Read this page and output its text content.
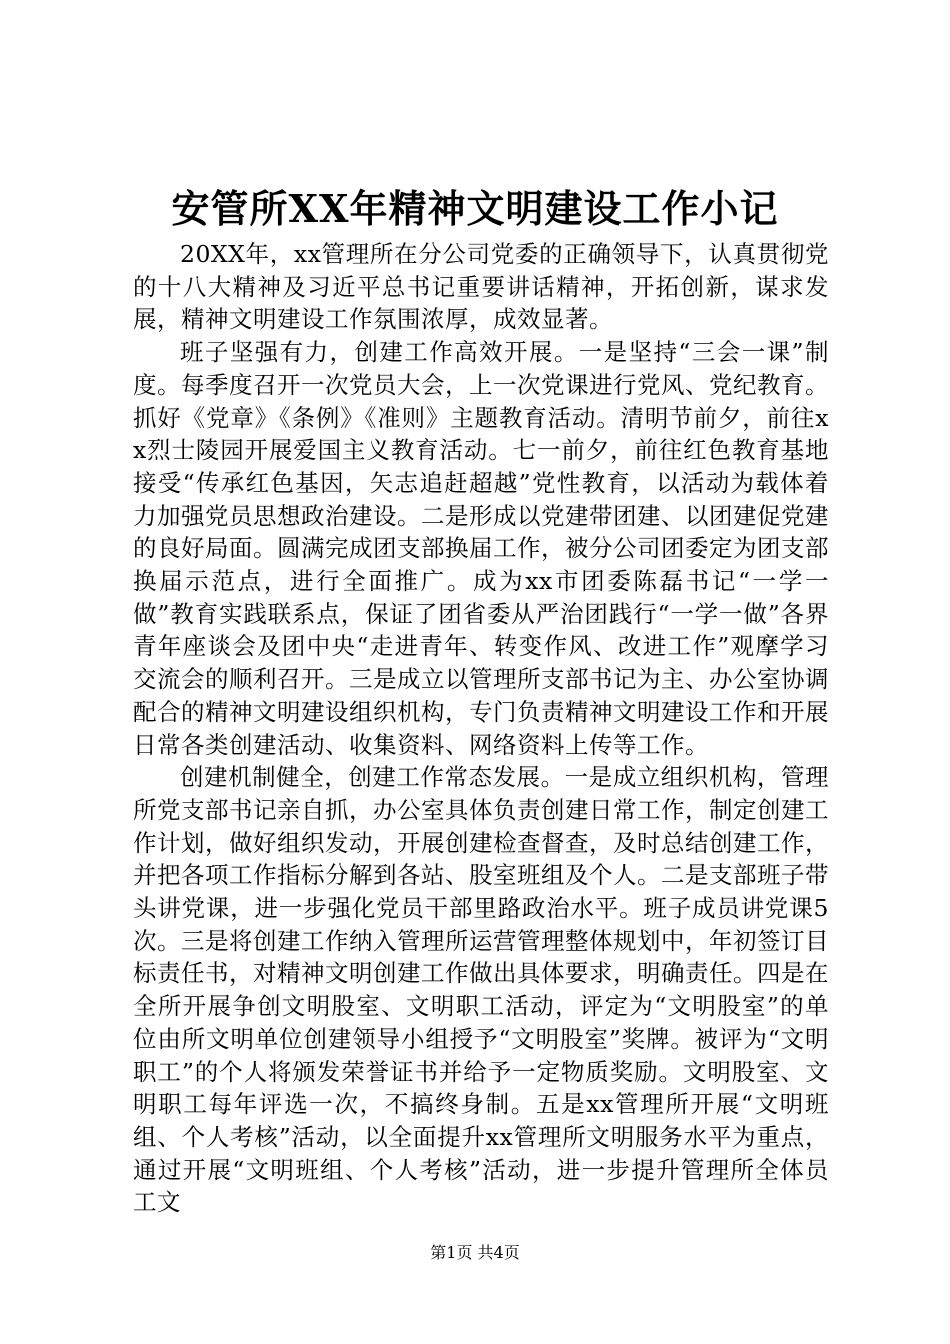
安管所XX年精神文明建设工作小记

20XX年，xx管理所在分公司党委的正确领导下，认真贯彻党的十八大精神及习近平总书记重要讲话精神，开拓创新，谋求发展，精神文明建设工作氛围浓厚，成效显著。

班子坚强有力，创建工作高效开展。一是坚持“三会一课”制度。每季度召开一次党员大会，上一次党课进行党风、党纪教育。抓好《党章》《条例》《准则》主题教育活动。清明节前夕，前往xx烈士陵园开展爱国主义教育活动。七一前夕，前往红色教育基地接受“传承红色基因，矢志追赶超越”党性教育，以活动为载体着力加强党员思想政治建设。二是形成以党建带团建、以团建促党建的良好局面。圆满完成团支部换届工作，被分公司团委定为团支部换届示范点，进行全面推广。成为xx市团委陈磊书记“一学一做”教育实践联系点，保证了团省委从严治团践行“一学一做”各界青年座谈会及团中央“走进青年、转变作风、改进工作”观摩学习交流会的顺利召开。三是成立以管理所支部书记为主、办公室协调配合的精神文明建设组织机构，专门负责精神文明建设工作和开展日常各类创建活动、收集资料、网络资料上传等工作。

创建机制健全，创建工作常态发展。一是成立组织机构，管理所党支部书记亲自抓，办公室具体负责创建日常工作，制定创建工作计划，做好组织发动，开展创建检查督查，及时总结创建工作，并把各项工作指标分解到各站、股室班组及个人。二是支部班子带头讲党课，进一步强化党员干部里路政治水平。班子成员讲党课5次。三是将创建工作纳入管理所运营管理整体规划中，年初签订目标责任书，对精神文明创建工作做出具体要求，明确责任。四是在全所开展争创文明股室、文明职工活动，评定为“文明股室”的单位由所文明单位创建领导小组授予“文明股室”奖牌。被评为“文明职工”的个人将颁发荣誉证书并给予一定物质奖励。文明股室、文明职工每年评选一次，不搞终身制。五是xx管理所开展“文明班组、个人考核”活动，以全面提升xx管理所文明服务水平为重点，通过开展“文明班组、个人考核”活动，进一步提升管理所全体员工文

第1页 共4页
